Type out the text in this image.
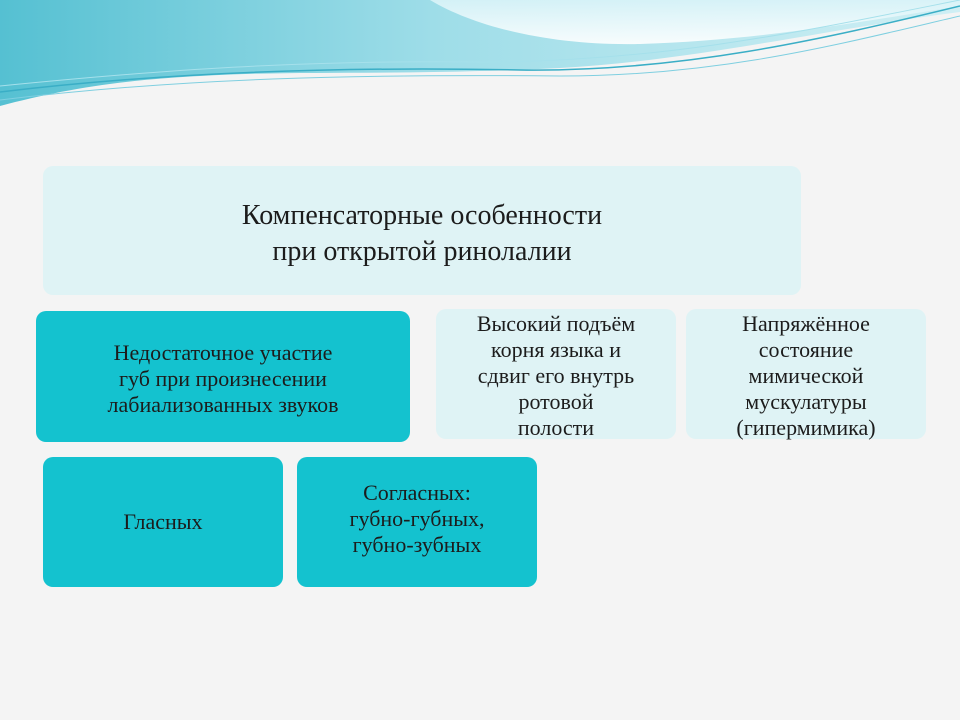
Компенсаторные особенности
при открытой ринолалии
Недостаточное участие
губ при произнесении
лабиализованных звуков
Высокий подъём
корня языка и
сдвиг его внутрь
ротовой
полости
Напряжённое
состояние
мимической
мускулатуры
(гипермимика)
Гласных
Согласных:
губно-губных,
губно-зубных
